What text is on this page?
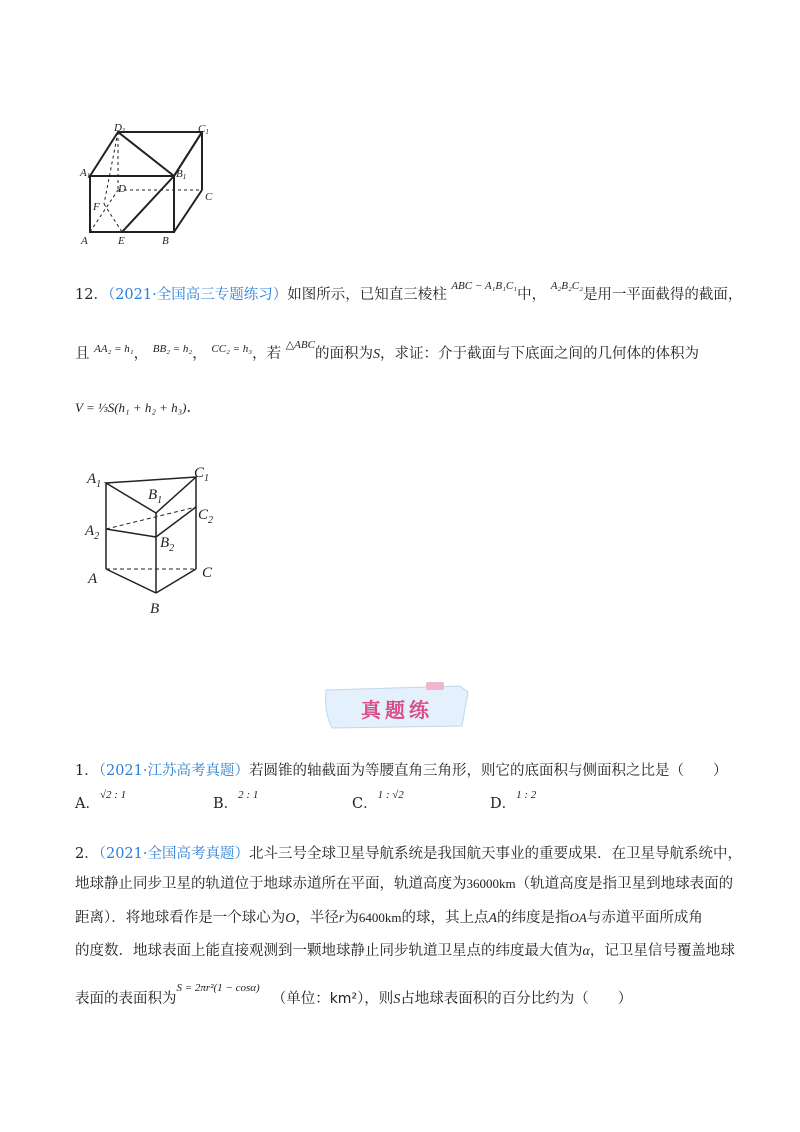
D1	C1
A1	B1
D
C
F
A	E	B
12．（2021·全国高三专题练习）如图所示，已知直三棱柱 $^{ABC - A_1B_1C_1}$中， $^{A_2B_2C_2}$是用一平面截得的截面，
且 $^{AA_2 = h_1}$， $^{BB_2 = h_2}$， $^{CC_2 = h_3}$，若 $^{\triangle ABC}$的面积为S，求证：介于截面与下底面之间的几何体的体积为
V = ⅓S(h₁ + h₂ + h₃).
$A_1$
$C_1$
$B_1$
$C_2$
$A_2$	$B_2$
A	C
B
真题练
1．（2021·江苏高考真题）若圆锥的轴截面为等腰直角三角形，则它的底面积与侧面积之比是（　　）
A．$^{√2 : 1}$
B．$^{2 : 1}$
C．$^{1 : √2}$
D．$^{1 : 2}$
2．（2021·全国高考真题）北斗三号全球卫星导航系统是我国航天事业的重要成果．在卫星导航系统中，
地球静止同步卫星的轨道位于地球赤道所在平面，轨道高度为36000km（轨道高度是指卫星到地球表面的
距离）．将地球看作是一个球心为O，半径r为6400km的球，其上点A的纬度是指OA与赤道平面所成角
的度数．地球表面上能直接观测到一颗地球静止同步轨道卫星点的纬度最大值为α，记卫星信号覆盖地球
表面的表面积为$^{S = 2\pi r^2(1 - cos\alpha)}$（单位：km²），则S占地球表面积的百分比约为（　　）
